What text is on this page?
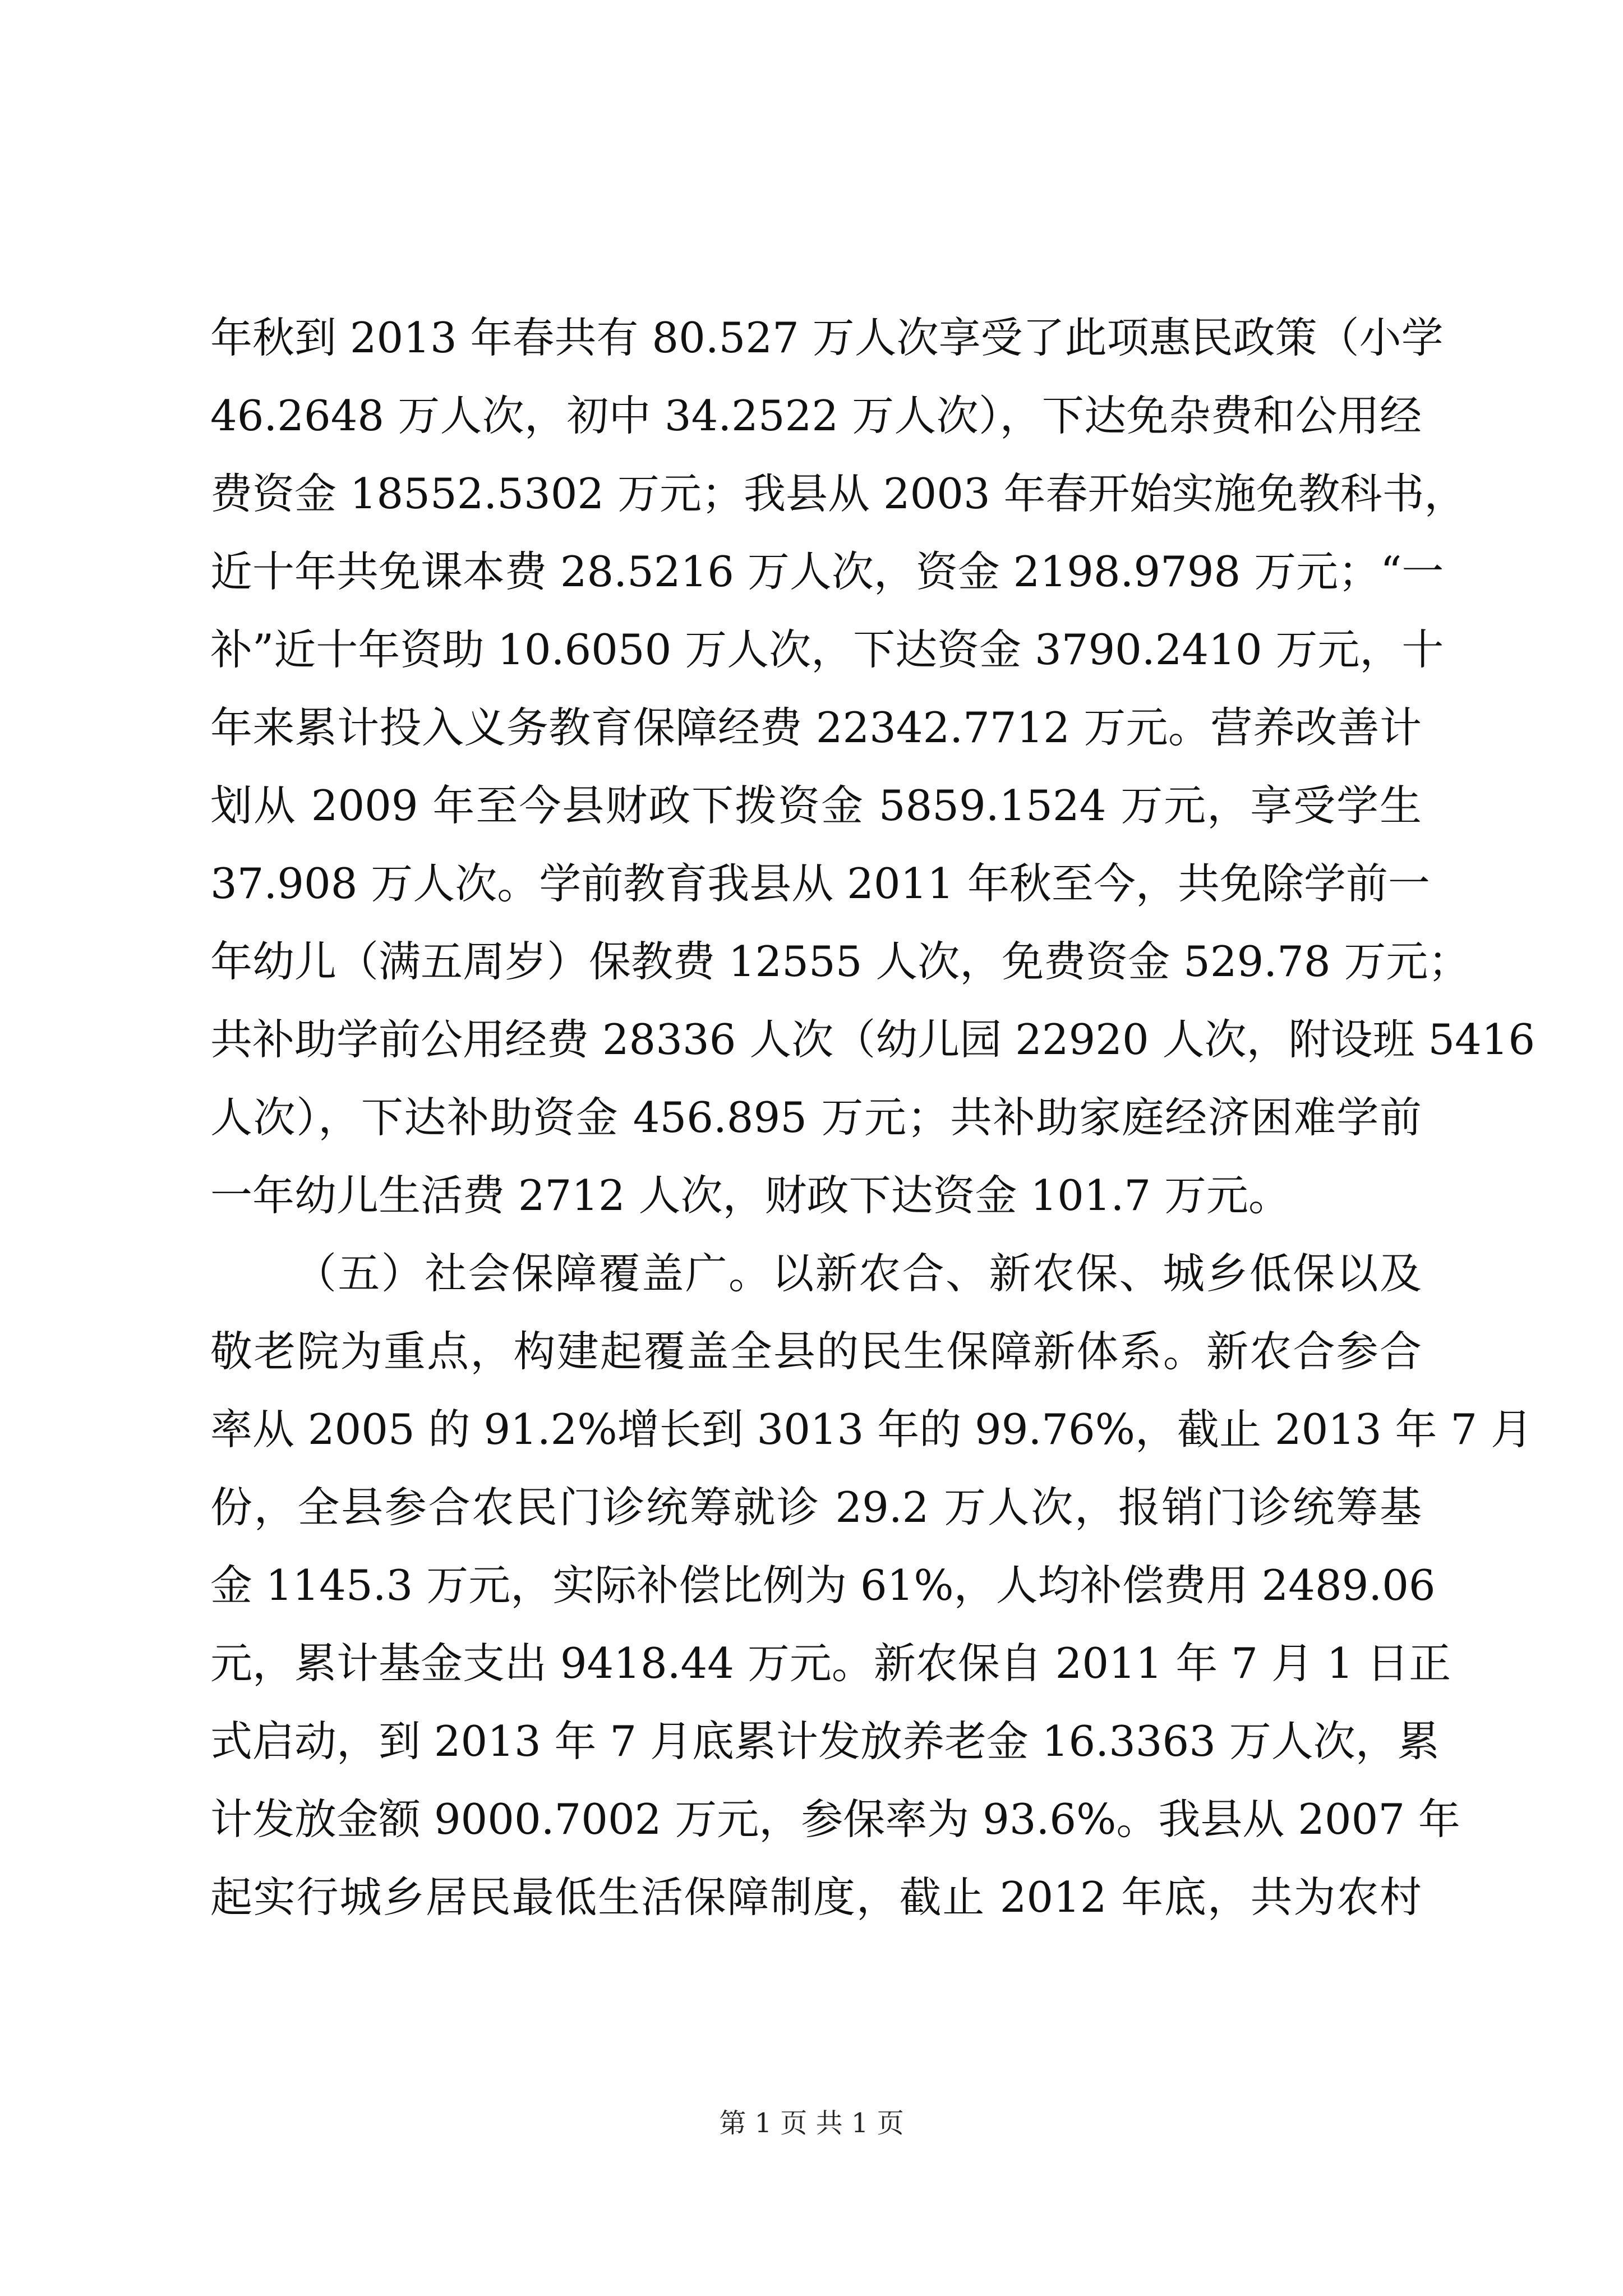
年秋到 2013 年春共有 80.527 万人次享受了此项惠民政策（小学
46.2648 万人次，初中 34.2522 万人次），下达免杂费和公用经
费资金 18552.5302 万元；我县从 2003 年春开始实施免教科书，
近十年共免课本费 28.5216 万人次，资金 2198.9798 万元；“一
补”近十年资助 10.6050 万人次，下达资金 3790.2410 万元，十
年来累计投入义务教育保障经费 22342.7712 万元。营养改善计
划从 2009 年至今县财政下拨资金 5859.1524 万元，享受学生
37.908 万人次。学前教育我县从 2011 年秋至今，共免除学前一
年幼儿（满五周岁）保教费 12555 人次，免费资金 529.78 万元；
共补助学前公用经费 28336 人次（幼儿园 22920 人次，附设班 5416
人次），下达补助资金 456.895 万元；共补助家庭经济困难学前
一年幼儿生活费 2712 人次，财政下达资金 101.7 万元。
（五）社会保障覆盖广。以新农合、新农保、城乡低保以及
敬老院为重点，构建起覆盖全县的民生保障新体系。新农合参合
率从 2005 的 91.2%增长到 3013 年的 99.76%，截止 2013 年 7 月
份，全县参合农民门诊统筹就诊 29.2 万人次，报销门诊统筹基
金 1145.3 万元，实际补偿比例为 61%，人均补偿费用 2489.06
元，累计基金支出 9418.44 万元。新农保自 2011 年 7 月 1 日正
式启动，到 2013 年 7 月底累计发放养老金 16.3363 万人次，累
计发放金额 9000.7002 万元，参保率为 93.6%。我县从 2007 年
起实行城乡居民最低生活保障制度，截止 2012 年底，共为农村
第 1 页 共 1 页
